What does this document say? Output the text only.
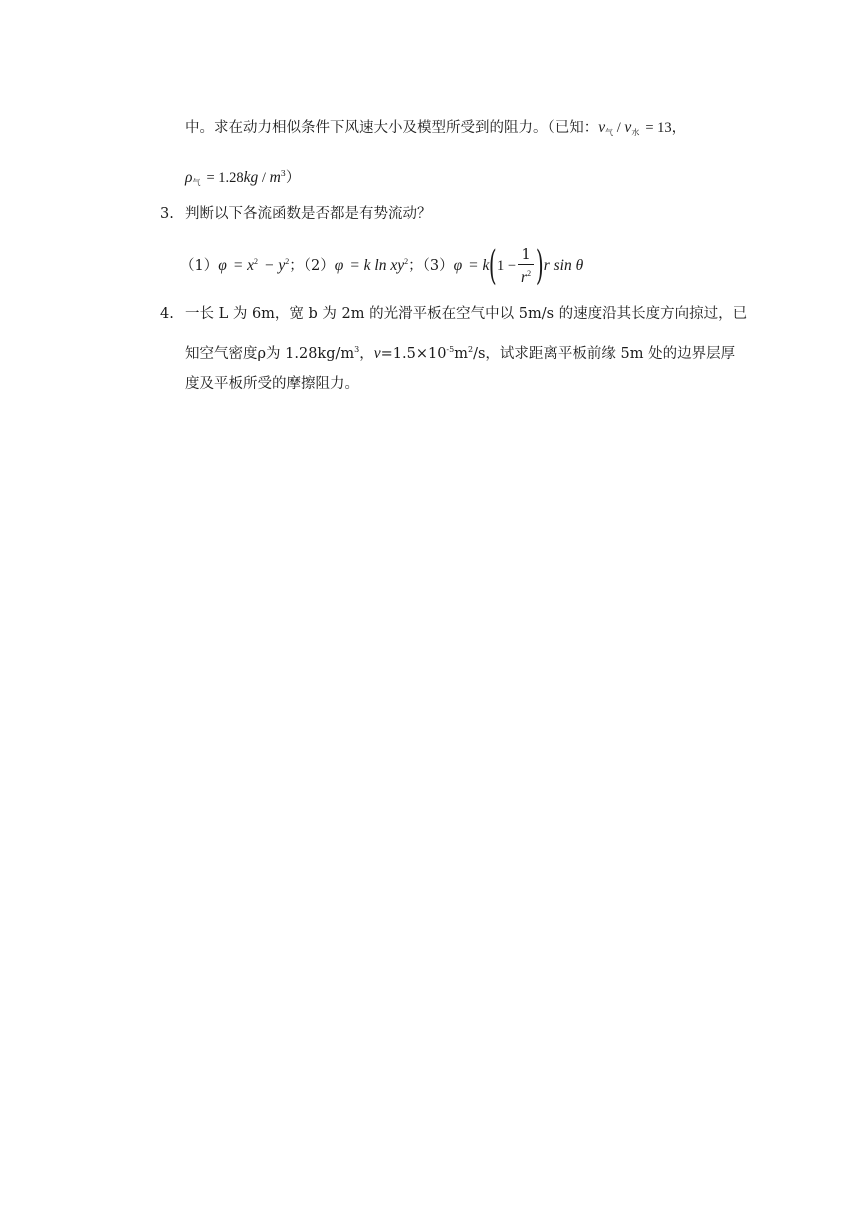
中。求在动力相似条件下风速大小及模型所受到的阻力。（已知：$\nu_气 / \nu_水 = 13$，
$\rho_气 = 1.28kg / m^3$）
3. 判断以下各流函数是否都是有势流动？
$(1)\varphi = x^2 - y^2$；（2）φ = k $\ln xy^2$；$(3)\varphi = k(1 - \frac{1}{r^2} )r$ sin θ
4. 一长 L 为 6m，宽 b 为 2m 的光滑平板在空气中以 5m/s 的速度沿其长度方向掠过，已
知空气密度ρ为 $1.28kg/m^3$，$\nu=1.5\times 10^{-5}m^2/s$，试求距离平板前缘 5m 处的边界层厚
度及平板所受的摩擦阻力。
